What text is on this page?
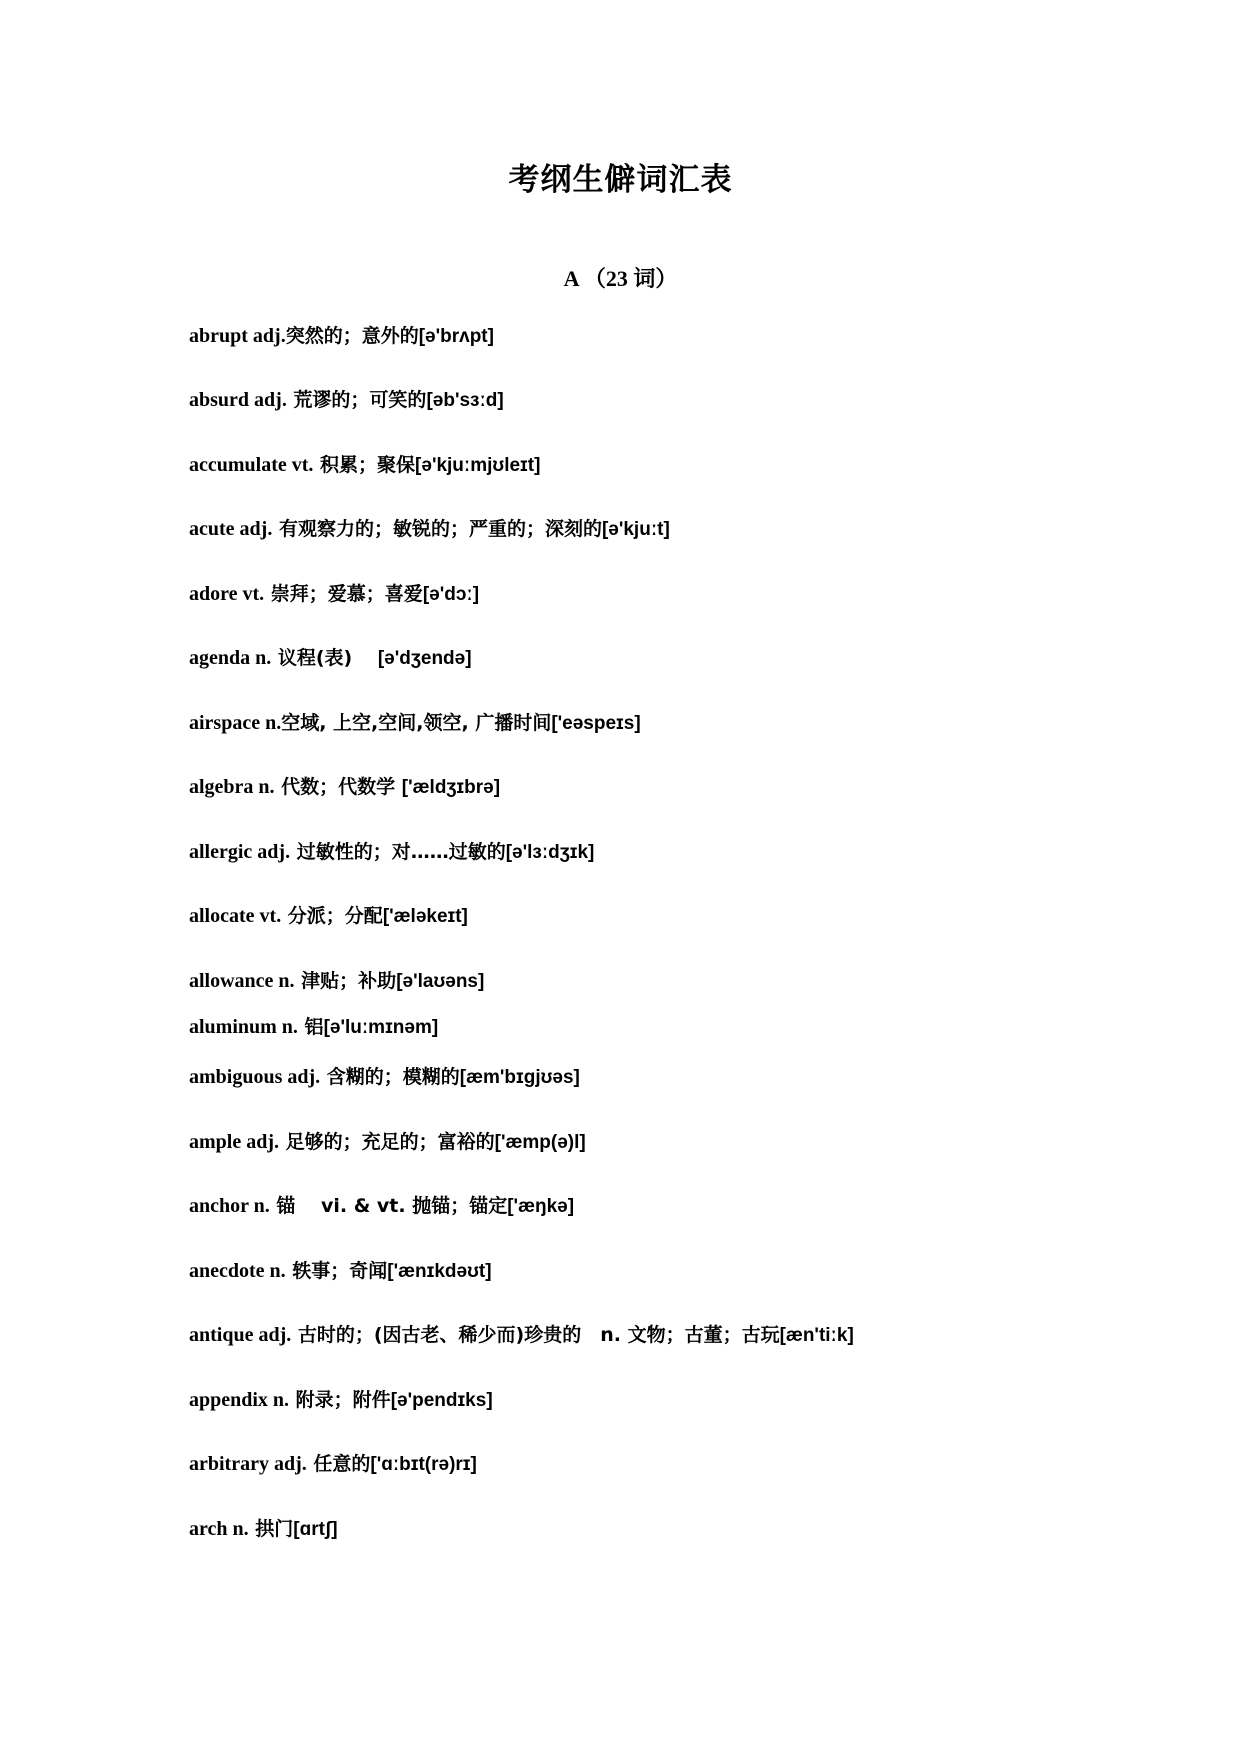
考纲生僻词汇表
A （23 词）
abrupt adj.突然的；意外的[ə'brʌpt]
absurd adj. 荒谬的；可笑的[əb'sɜːd]
accumulate vt. 积累；聚保[ə'kjuːmjʊleɪt]
acute adj. 有观察力的；敏锐的；严重的；深刻的[ə'kjuːt]
adore vt. 崇拜；爱慕；喜爱[ə'dɔː]
agenda n. 议程(表)　 [ə'dʒendə]
airspace n.空域, 上空,空间,领空, 广播时间['eəspeɪs]
algebra n. 代数；代数学 ['ældʒɪbrə]
allergic adj. 过敏性的；对……过敏的[ə'lɜːdʒɪk]
allocate vt. 分派；分配['æləkeɪt]
allowance n. 津贴；补助[ə'laʊəns]
aluminum n. 铝[ə'luːmɪnəm]
ambiguous adj. 含糊的；模糊的[æm'bɪgjʊəs]
ample adj. 足够的；充足的；富裕的['æmp(ə)l]
anchor n. 锚　 vi. & vt. 抛锚；锚定['æŋkə]
anecdote n. 轶事；奇闻['ænɪkdəʊt]
antique adj. 古时的；(因古老、稀少而)珍贵的　n. 文物；古董；古玩[æn'tiːk]
appendix n. 附录；附件[ə'pendɪks]
arbitrary adj. 任意的['ɑːbɪt(rə)rɪ]
arch n. 拱门[ɑrtʃ]
